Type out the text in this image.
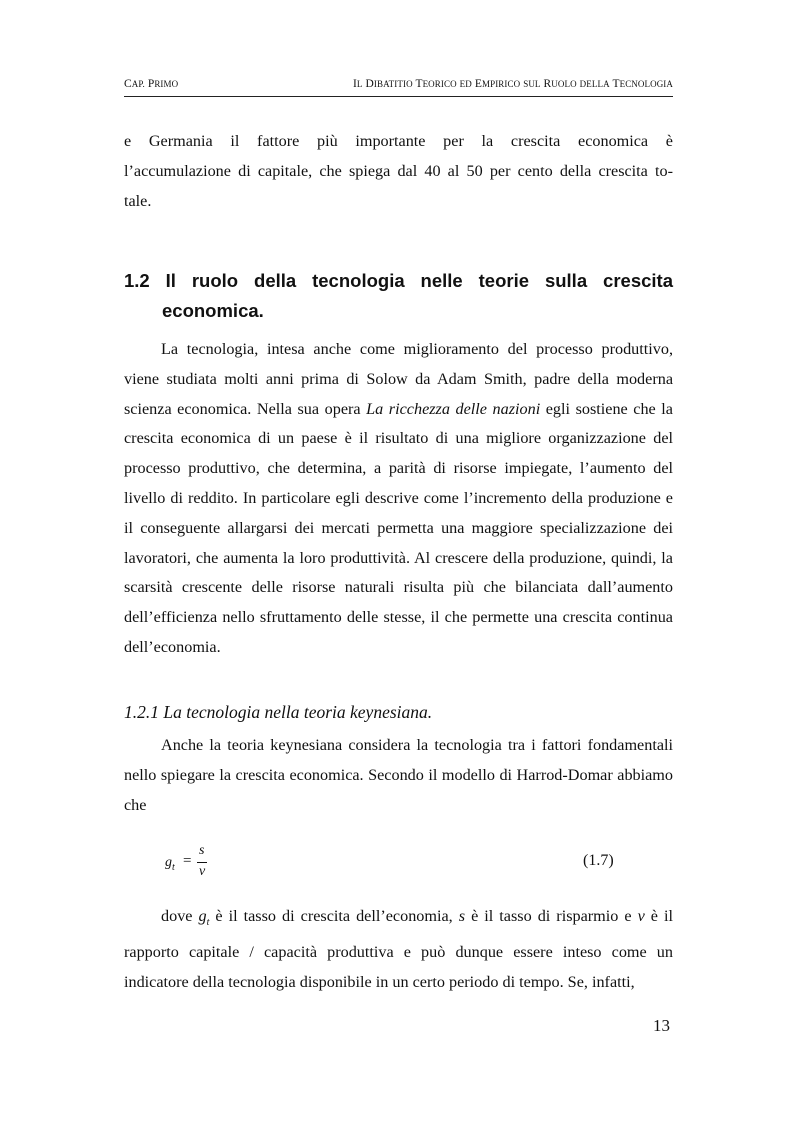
CAP. PRIMO	IL DIBATITIO TEORICO ED EMPIRICO SUL RUOLO DELLA TECNOLOGIA

e Germania il fattore più importante per la crescita economica è
l’accumulazione di capitale, che spiega dal 40 al 50 per cento della crescita to-
tale.

1.2 Il ruolo della tecnologia nelle teorie sulla crescita
economica.

La tecnologia, intesa anche come miglioramento del processo produttivo, viene studiata molti anni prima di Solow da Adam Smith, padre della moderna scienza economica. Nella sua opera La ricchezza delle nazioni egli sostiene che la crescita economica di un paese è il risultato di una migliore organizzazione del processo produttivo, che determina, a parità di risorse impiegate, l’aumento del livello di reddito. In particolare egli descrive come l’incremento della produzione e il conseguente allargarsi dei mercati permetta una maggiore specializzazione dei lavoratori, che aumenta la loro produttività. Al crescere della produzione, quindi, la scarsità crescente delle risorse naturali risulta più che bilanciata dall’aumento dell’efficienza nello sfruttamento delle stesse, il che permette una crescita continua dell’economia.

1.2.1 La tecnologia nella teoria keynesiana.

Anche la teoria keynesiana considera la tecnologia tra i fattori fondamentali nello spiegare la crescita economica. Secondo il modello di Harrod-Domar abbiamo che

$g_t$ =
s
v
(1.7)

dove $g_t$ è il tasso di crescita dell’economia, s è il tasso di risparmio e v è il rapporto capitale / capacità produttiva e può dunque essere inteso come un indicatore della tecnologia disponibile in un certo periodo di tempo. Se, infatti,

13
